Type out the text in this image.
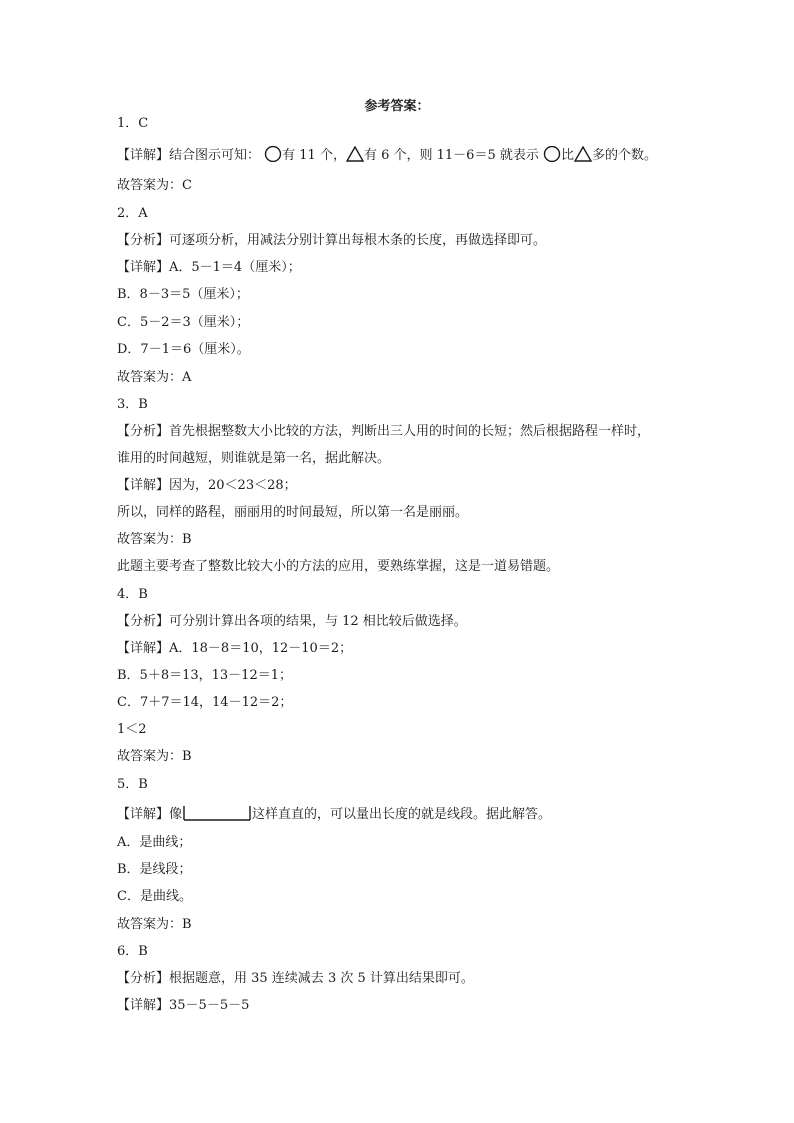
参考答案：
1．C
【详解】结合图示可知： 有 11 个， 有 6 个，则 11－6＝5 就表示 比 多的个数。
故答案为：C
2．A
【分析】可逐项分析，用减法分别计算出每根木条的长度，再做选择即可。
【详解】A．5－1＝4（厘米）；
B．8－3＝5（厘米）；
C．5－2＝3（厘米）；
D．7－1＝6（厘米）。
故答案为：A
3．B
【分析】首先根据整数大小比较的方法，判断出三人用的时间的长短；然后根据路程一样时，
谁用的时间越短，则谁就是第一名，据此解决。
【详解】因为，20＜23＜28；
所以，同样的路程，丽丽用的时间最短，所以第一名是丽丽。
故答案为：B
此题主要考查了整数比较大小的方法的应用，要熟练掌握，这是一道易错题。
4．B
【分析】可分别计算出各项的结果，与 12 相比较后做选择。
【详解】A．18－8＝10，12－10＝2；
B．5＋8＝13，13－12＝1；
C．7＋7＝14，14－12＝2；
1＜2
故答案为：B
5．B
【详解】像	这样直直的，可以量出长度的就是线段。据此解答。
A．是曲线；
B．是线段；
C．是曲线。
故答案为：B
6．B
【分析】根据题意，用 35 连续减去 3 次 5 计算出结果即可。
【详解】35－5－5－5
